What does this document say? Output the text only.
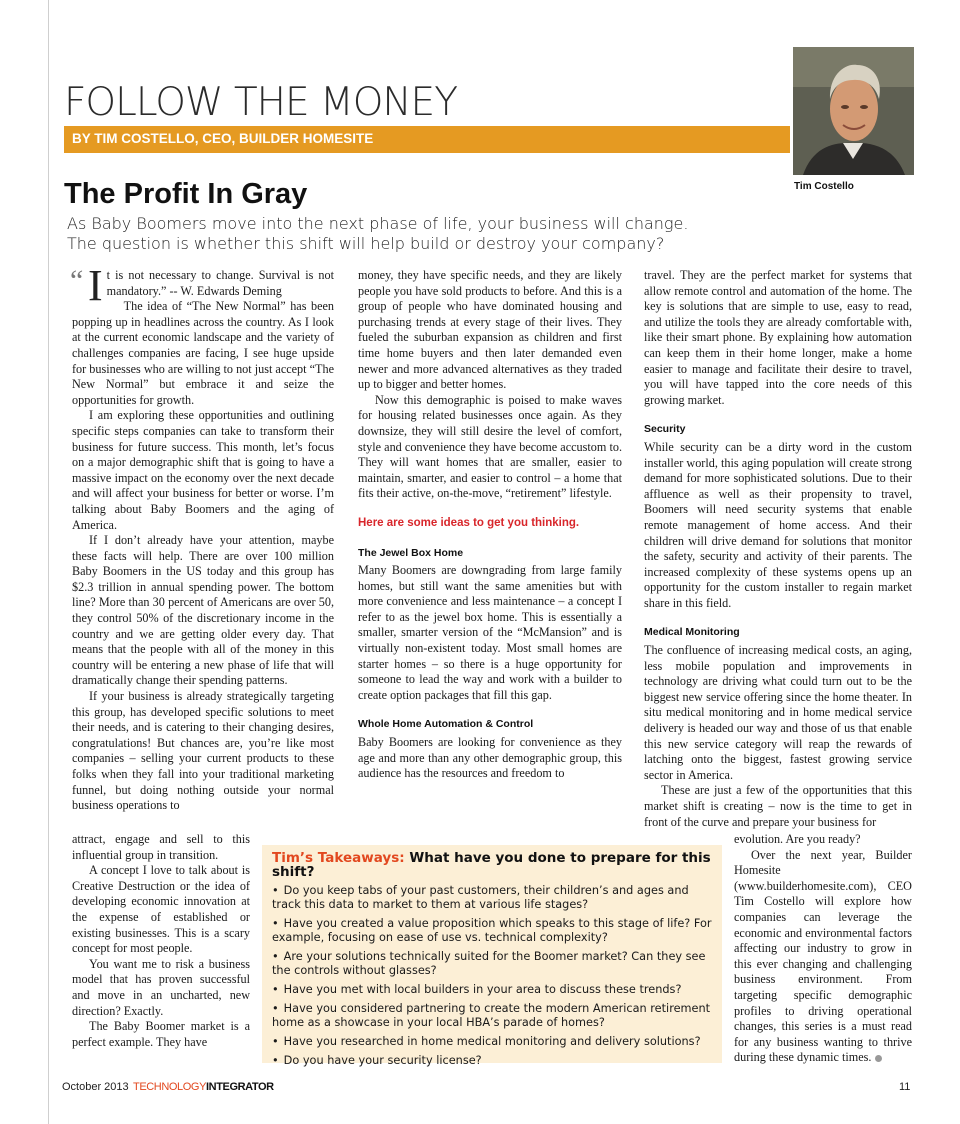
FOLLOW THE MONEY
BY TIM COSTELLO, CEO, BUILDER HOMESITE
Tim Costello
The Profit In Gray

As Baby Boomers move into the next phase of life, your business will change.
The question is whether this shift will help build or destroy your company?

“ I t is not necessary to change. Survival is not mandatory.” -- W. Edwards Deming

The idea of “The New Normal” has been popping up in headlines across the country. As I look at the current economic landscape and the variety of challenges companies are facing, I see huge upside for businesses who are willing to not just accept “The New Normal” but embrace it and seize the opportunities for growth.

I am exploring these opportunities and outlining specific steps companies can take to transform their business for future success. This month, let’s focus on a major demographic shift that is going to have a massive impact on the economy over the next decade and will affect your business for better or worse. I’m talking about Baby Boomers and the aging of America.

If I don’t already have your attention, maybe these facts will help. There are over 100 million Baby Boomers in the US today and this group has $2.3 trillion in annual spending power. The bottom line? More than 30 percent of Americans are over 50, they control 50% of the discretionary income in the country and we are getting older every day. That means that the people with all of the money in this country will be entering a new phase of life that will dramatically change their spending patterns.

If your business is already strategically targeting this group, has developed specific solutions to meet their needs, and is catering to their changing desires, congratulations! But chances are, you’re like most companies – selling your current products to these folks when they fall into your traditional marketing funnel, but doing nothing outside your normal business operations to

attract, engage and sell to this influential group in transition.

A concept I love to talk about is Creative Destruction or the idea of developing economic innovation at the expense of established or existing businesses. This is a scary concept for most people.

You want me to risk a business model that has proven successful and move in an uncharted, new direction? Exactly.

The Baby Boomer market is a perfect example. They have

money, they have specific needs, and they are likely people you have sold products to before. And this is a group of people who have dominated housing and purchasing trends at every stage of their lives. They fueled the suburban expansion as children and first time home buyers and then later demanded even newer and more advanced alternatives as they traded up to bigger and better homes.

Now this demographic is poised to make waves for housing related businesses once again. As they downsize, they will still desire the level of comfort, style and convenience they have become accustom to. They will want homes that are smaller, easier to maintain, smarter, and easier to control – a home that fits their active, on-the-move, “retirement” lifestyle.

Here are some ideas to get you thinking.

The Jewel Box Home

Many Boomers are downgrading from large family homes, but still want the same amenities but with more convenience and less maintenance – a concept I refer to as the jewel box home. This is essentially a smaller, smarter version of the “McMansion” and is virtually non-existent today. Most small homes are starter homes – so there is a huge opportunity for someone to lead the way and work with a builder to create option packages that fill this gap.

Whole Home Automation & Control

Baby Boomers are looking for convenience as they age and more than any other demographic group, this audience has the resources and freedom to

travel. They are the perfect market for systems that allow remote control and automation of the home. The key is solutions that are simple to use, easy to read, and utilize the tools they are already comfortable with, like their smart phone. By explaining how automation can keep them in their home longer, make a home easier to manage and facilitate their desire to travel, you will have tapped into the core needs of this growing market.

Security

While security can be a dirty word in the custom installer world, this aging population will create strong demand for more sophisticated solutions. Due to their affluence as well as their propensity to travel, Boomers will need security systems that enable remote management of home access. And their children will drive demand for solutions that monitor the safety, security and activity of their parents. The increased complexity of these systems opens up an opportunity for the custom installer to regain market share in this field.

Medical Monitoring

The confluence of increasing medical costs, an aging, less mobile population and improvements in technology are driving what could turn out to be the biggest new service offering since the home theater. In situ medical monitoring and in home medical service delivery is headed our way and those of us that enable this new service category will reap the rewards of latching onto the biggest, fastest growing service sector in America.

These are just a few of the opportunities that this market shift is creating – now is the time to get in front of the curve and prepare your business for

evolution. Are you ready?

Over the next year, Builder Homesite (www.builderhomesite.com), CEO Tim Costello will explore how companies can leverage the economic and environmental factors affecting our industry to grow in this ever changing and challenging business environment. From targeting specific demographic profiles to driving operational changes, this series is a must read for any business wanting to thrive during these dynamic times.

Tim’s Takeaways: What have you done to prepare for this shift?
• Do you keep tabs of your past customers, their children’s and ages and track this data to market to them at various life stages?
• Have you created a value proposition which speaks to this stage of life? For example, focusing on ease of use vs. technical complexity?
• Are your solutions technically suited for the Boomer market? Can they see the controls without glasses?
• Have you met with local builders in your area to discuss these trends?
• Have you considered partnering to create the modern American retirement home as a showcase in your local HBA’s parade of homes?
• Have you researched in home medical monitoring and delivery solutions?
• Do you have your security license?
October 2013 TECHNOLOGYINTEGRATOR	11
